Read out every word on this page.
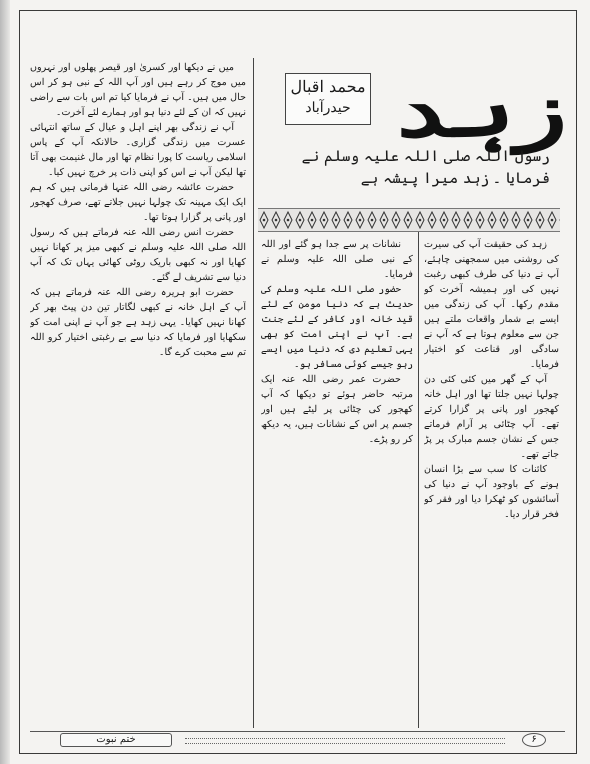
زہد
محمد اقبال
حیدرآباد
رسول اللہ صلی اللہ علیہ وسلم نے فرمایا ۔
زہد میرا پیشہ ہے

زہد کی حقیقت آپ کی سیرت کی روشنی میں سمجھنی چاہئے، آپ نے دنیا کی طرف کبھی رغبت نہیں کی اور ہمیشہ آخرت کو مقدم رکھا۔ آپ کی زندگی میں ایسے بے شمار واقعات ملتے ہیں جن سے معلوم ہوتا ہے کہ آپ نے سادگی اور قناعت کو اختیار فرمایا۔

آپ کے گھر میں کئی کئی دن چولہا نہیں جلتا تھا اور اہل خانہ کھجور اور پانی پر گزارا کرتے تھے۔ آپ چٹائی پر آرام فرماتے جس کے نشان جسم مبارک پر پڑ جاتے تھے۔

کائنات کا سب سے بڑا انسان ہونے کے باوجود آپ نے دنیا کی آسائشوں کو ٹھکرا دیا اور فقر کو فخر قرار دیا۔

نشانات پر سے جدا ہو گئے اور اللہ کے نبی صلی اللہ علیہ وسلم نے فرمایا۔

حضور صلی اللہ علیہ وسلم کی حدیث ہے کہ دنیا مومن کے لئے قید خانہ اور کافر کے لئے جنت ہے۔ آپ نے اپنی امت کو بھی یہی تعلیم دی کہ دنیا میں ایسے رہو جیسے کوئی مسافر ہو۔

حضرت عمر رضی اللہ عنہ ایک مرتبہ حاضر ہوئے تو دیکھا کہ آپ کھجور کی چٹائی پر لیٹے ہیں اور جسم پر اس کے نشانات ہیں، یہ دیکھ کر رو پڑے۔

میں نے دیکھا اور کسریٰ اور قیصر پھلوں اور نہروں میں موج کر رہے ہیں اور آپ اللہ کے نبی ہو کر اس حال میں ہیں۔ آپ نے فرمایا کیا تم اس بات سے راضی نہیں کہ ان کے لئے دنیا ہو اور ہمارے لئے آخرت۔

آپ نے زندگی بھر اپنے اہل و عیال کے ساتھ انتہائی عسرت میں زندگی گزاری۔ حالانکہ آپ کے پاس اسلامی ریاست کا پورا نظام تھا اور مال غنیمت بھی آتا تھا لیکن آپ نے اس کو اپنی ذات پر خرچ نہیں کیا۔

حضرت عائشہ رضی اللہ عنہا فرماتی ہیں کہ ہم ایک ایک مہینہ تک چولہا نہیں جلاتے تھے، صرف کھجور اور پانی پر گزارا ہوتا تھا۔

حضرت انس رضی اللہ عنہ فرماتے ہیں کہ رسول اللہ صلی اللہ علیہ وسلم نے کبھی میز پر کھانا نہیں کھایا اور نہ کبھی باریک روٹی کھائی یہاں تک کہ آپ دنیا سے تشریف لے گئے۔

حضرت ابو ہریرہ رضی اللہ عنہ فرماتے ہیں کہ آپ کے اہل خانہ نے کبھی لگاتار تین دن پیٹ بھر کر کھانا نہیں کھایا۔ یہی زہد ہے جو آپ نے اپنی امت کو سکھایا اور فرمایا کہ دنیا سے بے رغبتی اختیار کرو اللہ تم سے محبت کرے گا۔

ختم نبوت	۶
